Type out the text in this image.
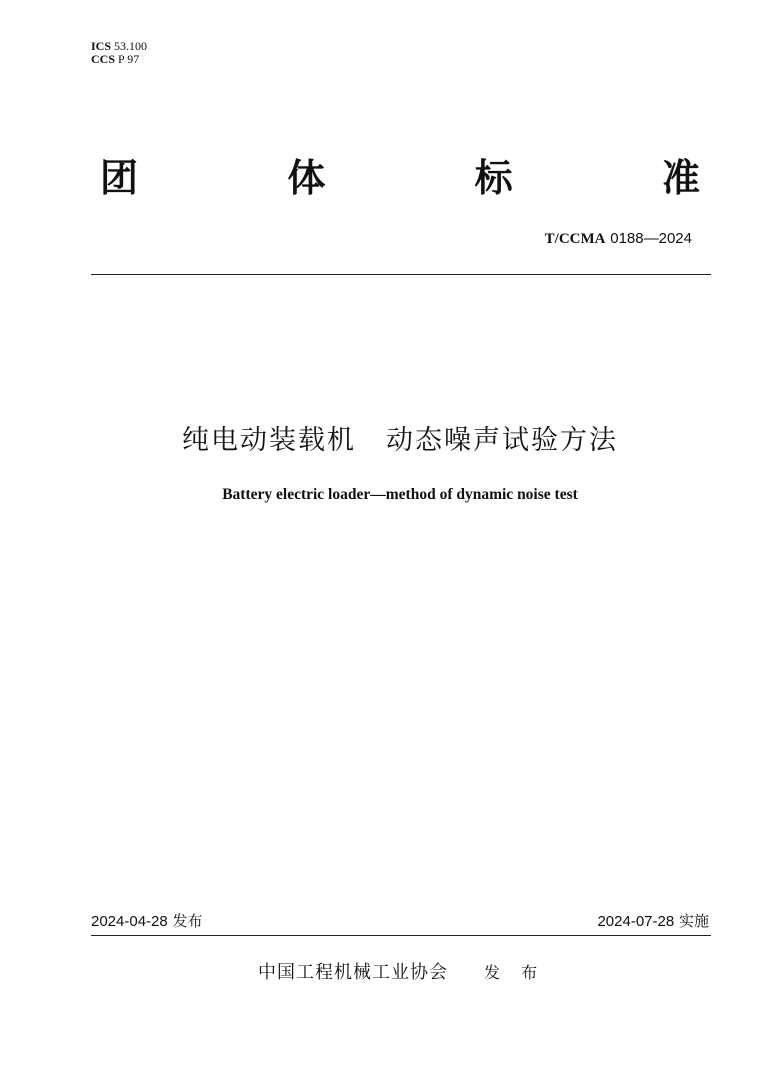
ICS 53.100
CCS P 97
团	体	标	准
T/CCMA 0188—2024
纯电动装载机 动态噪声试验方法
Battery electric loader—method of dynamic noise test
2024-04-28 发布	2024-07-28 实施
中国工程机械工业协会 发 布
